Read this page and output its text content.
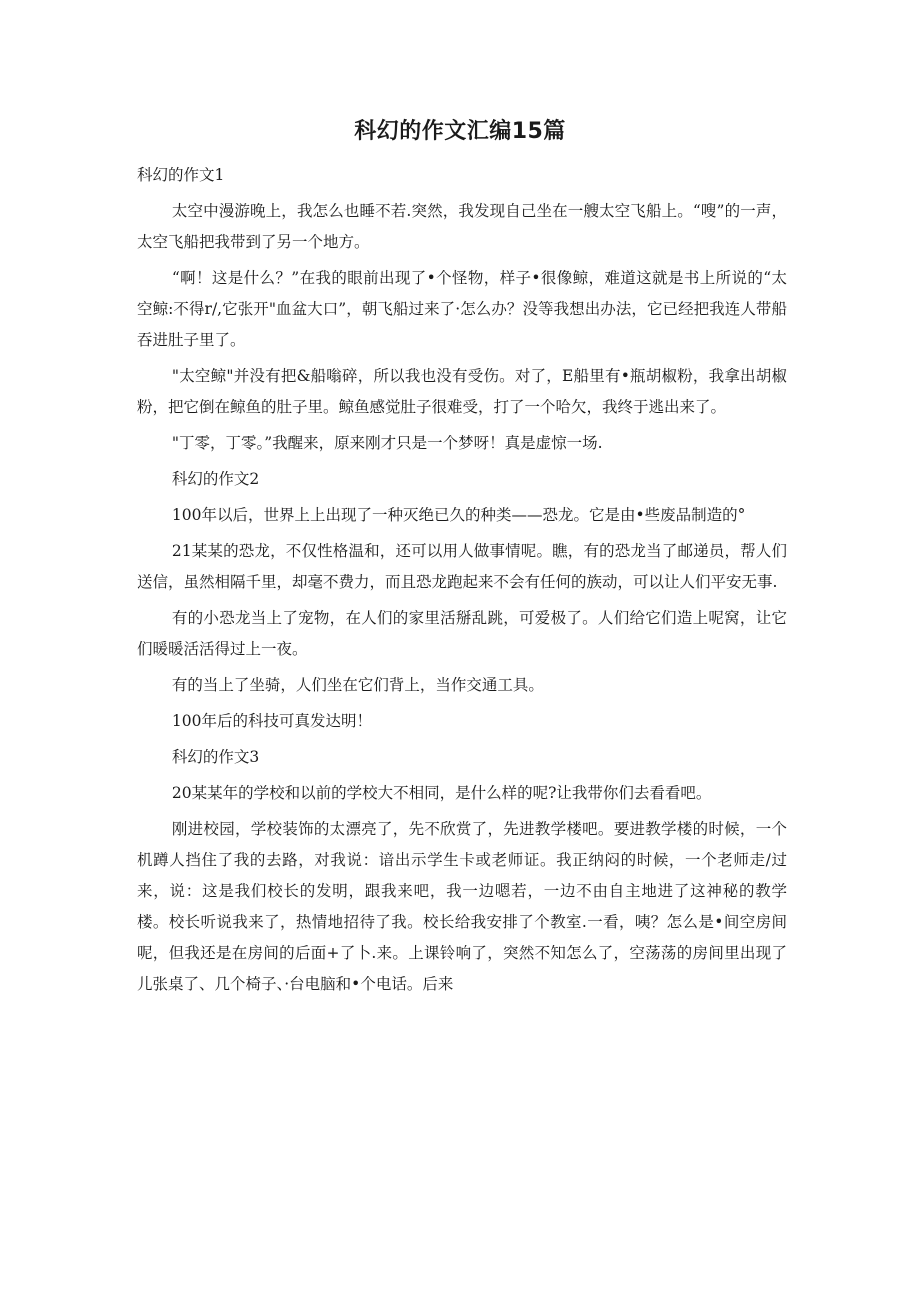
科幻的作文汇编15篇

科幻的作文1

太空中漫游晚上，我怎么也睡不若.突然，我发现自己坐在一艘太空飞船上。“嗖”的一声，太空飞船把我带到了另一个地方。

“啊！这是什么？”在我的眼前出现了•个怪物，样子•很像鲸，难道这就是书上所说的“太空鲸:不得r/,它张开"血盆大口”，朝飞船过来了·怎么办？没等我想出办法，它已经把我连人带船吞进肚子里了。

"太空鲸"并没有把&船嗡碎，所以我也没有受伤。对了，E船里有•瓶胡椒粉，我拿出胡椒粉，把它倒在鲸鱼的肚子里。鲸鱼感觉肚子很难受，打了一个哈欠，我终于逃出来了。

"丁零，丁零。”我醒来，原来刚才只是一个梦呀！真是虚惊一场.

科幻的作文2

100年以后，世界上上出现了一种灭绝已久的种类——恐龙。它是由•些废品制造的°

21某某的恐龙，不仅性格温和，还可以用人做事情呢。瞧，有的恐龙当了邮递员，帮人们送信，虽然相隔千里，却毫不费力，而且恐龙跑起来不会有任何的族动，可以让人们平安无事.

有的小恐龙当上了宠物，在人们的家里活掰乱跳，可爱极了。人们给它们造上呢窝，让它们暖暖活活得过上一夜。

有的当上了坐骑，人们坐在它们背上，当作交通工具。

100年后的科技可真发达明！

科幻的作文3

20某某年的学校和以前的学校大不相同，是什么样的呢?让我带你们去看看吧。

刚进校园，学校装饰的太漂亮了，先不欣赏了，先进教学楼吧。要进教学楼的时候，一个机蹲人挡住了我的去路，对我说：谙出示学生卡或老师证。我正纳闷的时候，一个老师走/过来，说：这是我们校长的发明，跟我来吧，我一边嗯若，一边不由自主地进了这神秘的教学楼。校长听说我来了，热情地招待了我。校长给我安排了个教室.一看，咦？怎么是•间空房间呢，但我还是在房间的后面+了卜.来。上课铃响了，突然不知怎么了，空荡荡的房间里出现了儿张桌了、几个椅子、·台电脑和•个电话。后来
